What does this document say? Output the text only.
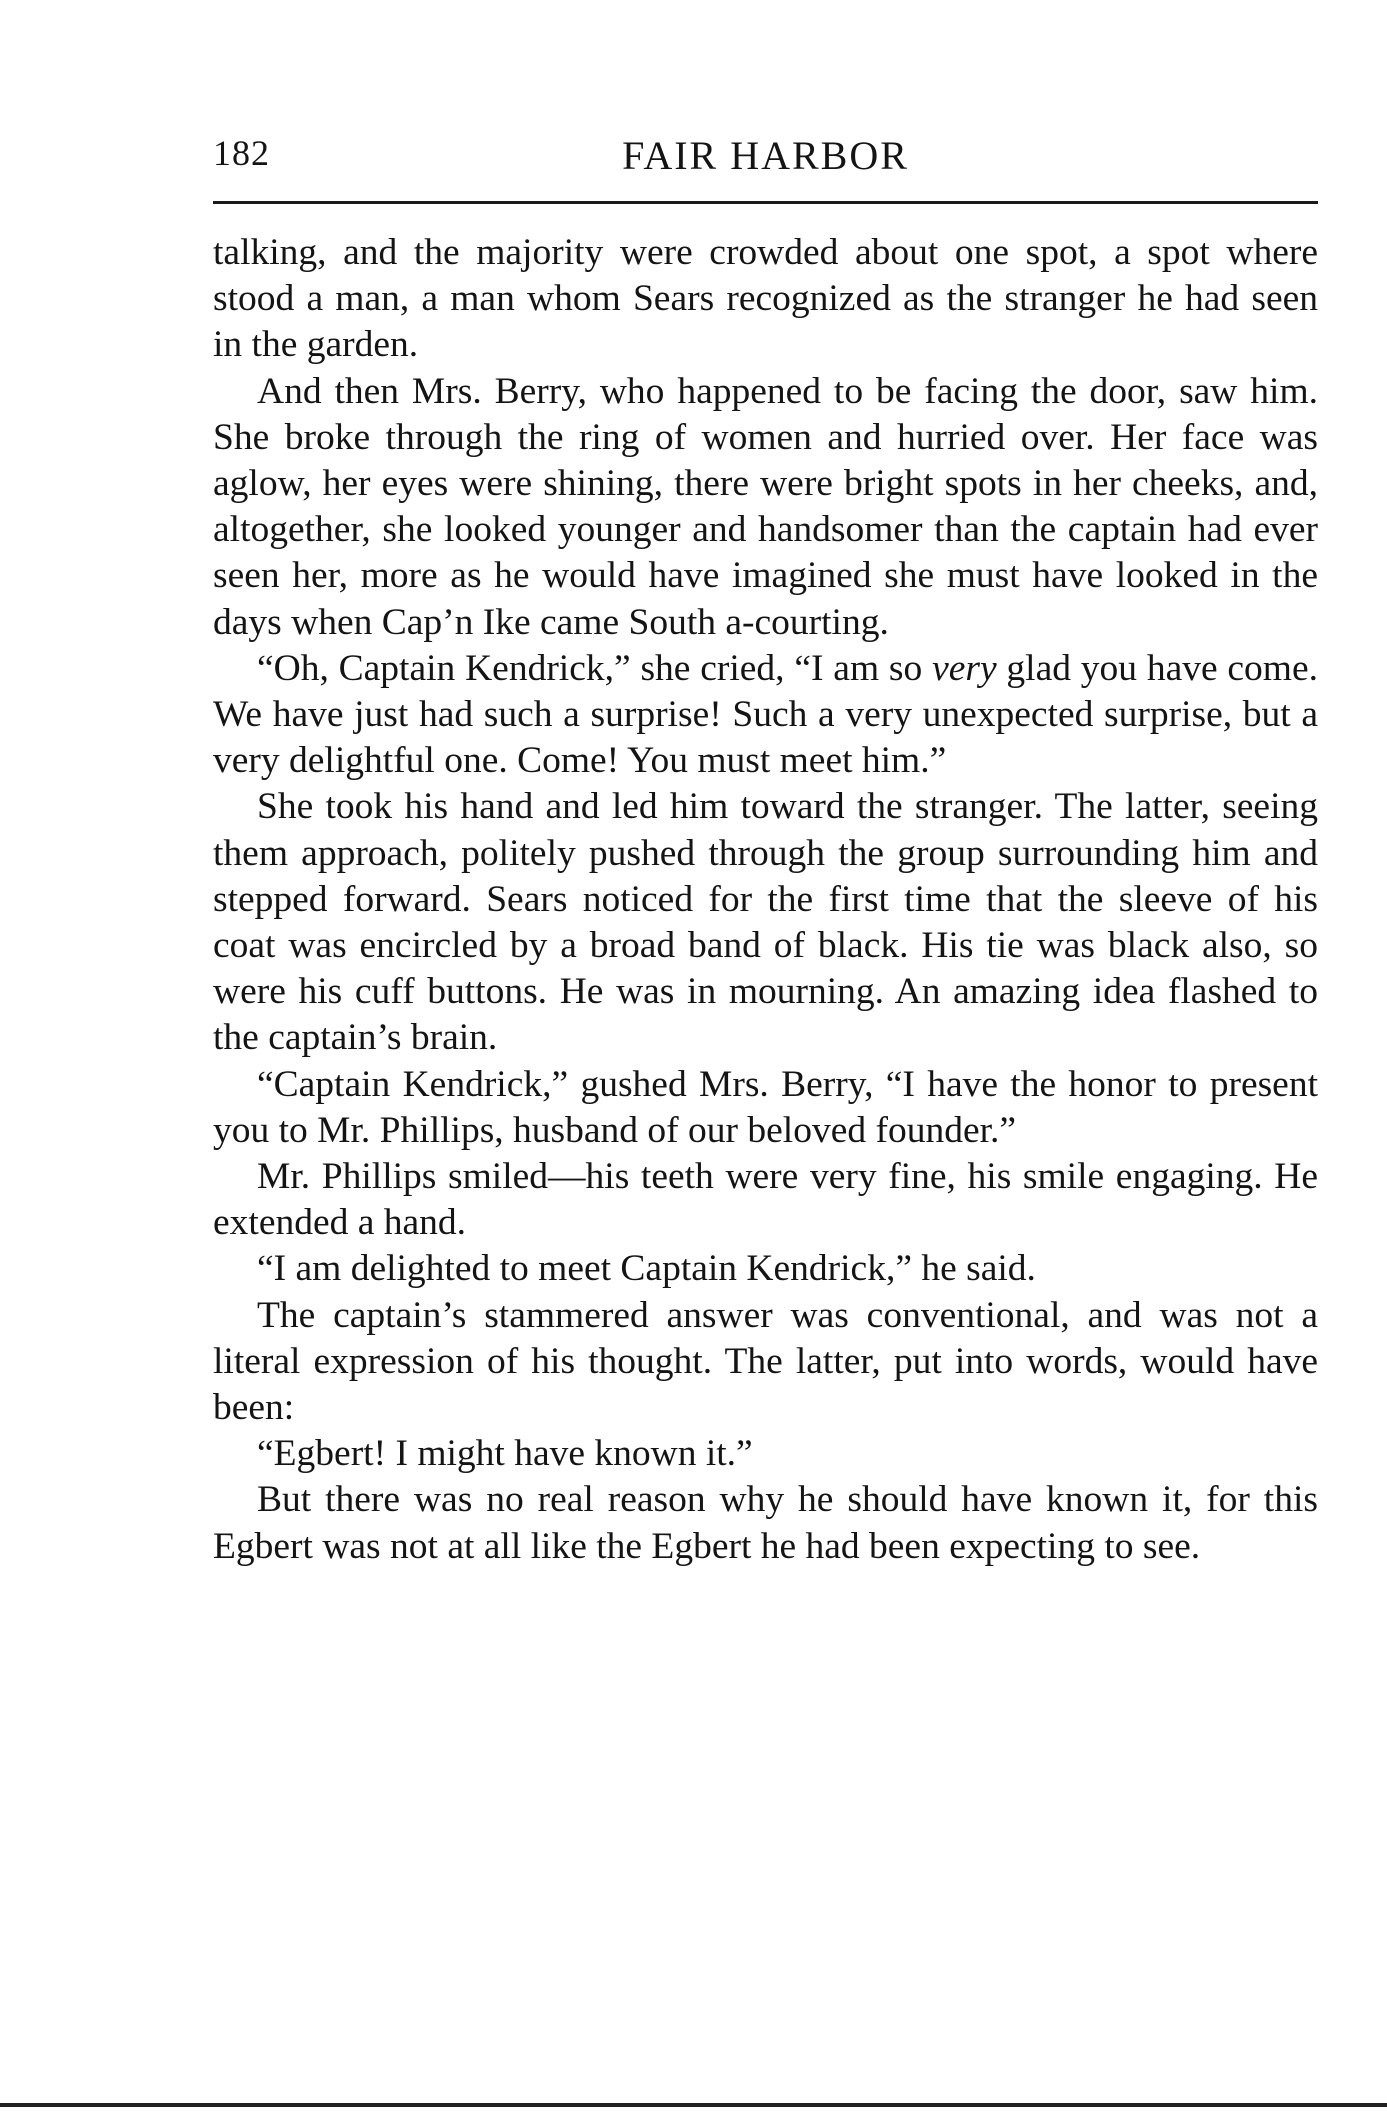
182	FAIR HARBOR

talking, and the majority were crowded about one spot, a spot where stood a man, a man whom Sears recognized as the stranger he had seen in the garden.

And then Mrs. Berry, who happened to be facing the door, saw him. She broke through the ring of women and hurried over. Her face was aglow, her eyes were shining, there were bright spots in her cheeks, and, altogether, she looked younger and handsomer than the captain had ever seen her, more as he would have imagined she must have looked in the days when Cap’n Ike came South a-courting.

“Oh, Captain Kendrick,” she cried, “I am so very glad you have come. We have just had such a surprise! Such a very unexpected surprise, but a very delightful one. Come! You must meet him.”

She took his hand and led him toward the stranger. The latter, seeing them approach, politely pushed through the group surrounding him and stepped forward. Sears noticed for the first time that the sleeve of his coat was encircled by a broad band of black. His tie was black also, so were his cuff buttons. He was in mourning. An amazing idea flashed to the captain’s brain.

“Captain Kendrick,” gushed Mrs. Berry, “I have the honor to present you to Mr. Phillips, husband of our beloved founder.”

Mr. Phillips smiled—his teeth were very fine, his smile engaging. He extended a hand.

“I am delighted to meet Captain Kendrick,” he said.

The captain’s stammered answer was conventional, and was not a literal expression of his thought. The latter, put into words, would have been:

“Egbert! I might have known it.”

But there was no real reason why he should have known it, for this Egbert was not at all like the Egbert he had been expecting to see.
